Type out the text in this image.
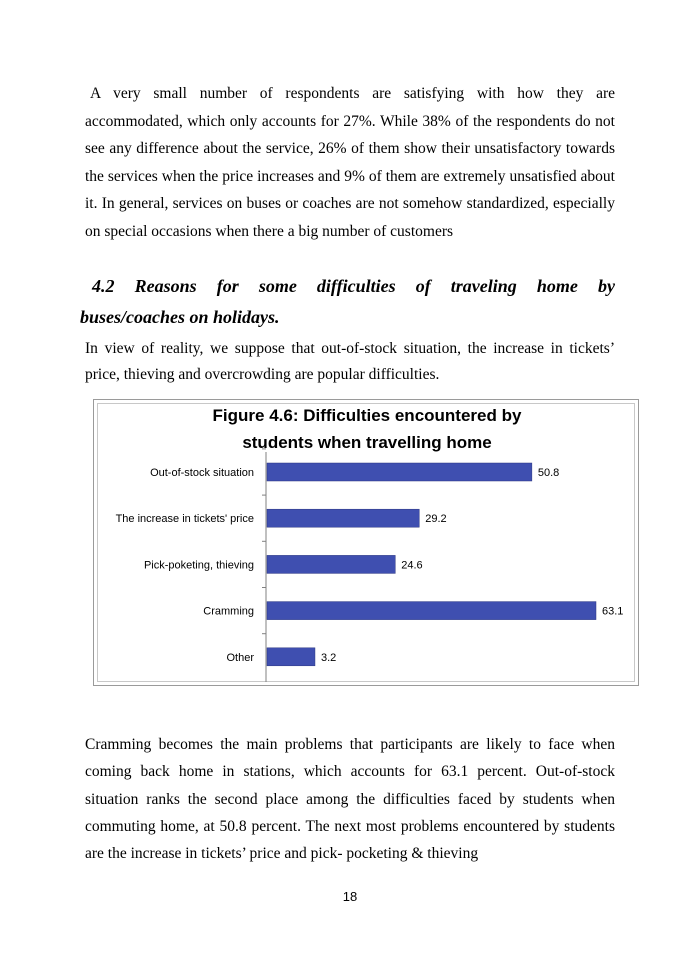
A very small number of respondents are satisfying with how they are accommodated, which only accounts for 27%. While 38% of the respondents do not see any difference about the service, 26% of them show their unsatisfactory towards the services when the price increases and 9% of them are extremely unsatisfied about it. In general, services on buses or coaches are not somehow standardized, especially on special occasions when there a big number of customers

4.2 Reasons for some difficulties of traveling home by
buses/coaches on holidays.

In view of reality, we suppose that out-of-stock situation, the increase in tickets’ price, thieving and overcrowding are popular difficulties.

Figure 4.6: Difficulties encountered by
students when travelling home
Out-of-stock situation	50.8
The increase in tickets' price	29.2
Pick-poketing, thieving	24.6
Cramming	63.1
Other	3.2

Cramming becomes the main problems that participants are likely to face when coming back home in stations, which accounts for 63.1 percent. Out-of-stock situation ranks the second place among the difficulties faced by students when commuting home, at 50.8 percent. The next most problems encountered by students are the increase in tickets’ price and pick- pocketing & thieving

18
